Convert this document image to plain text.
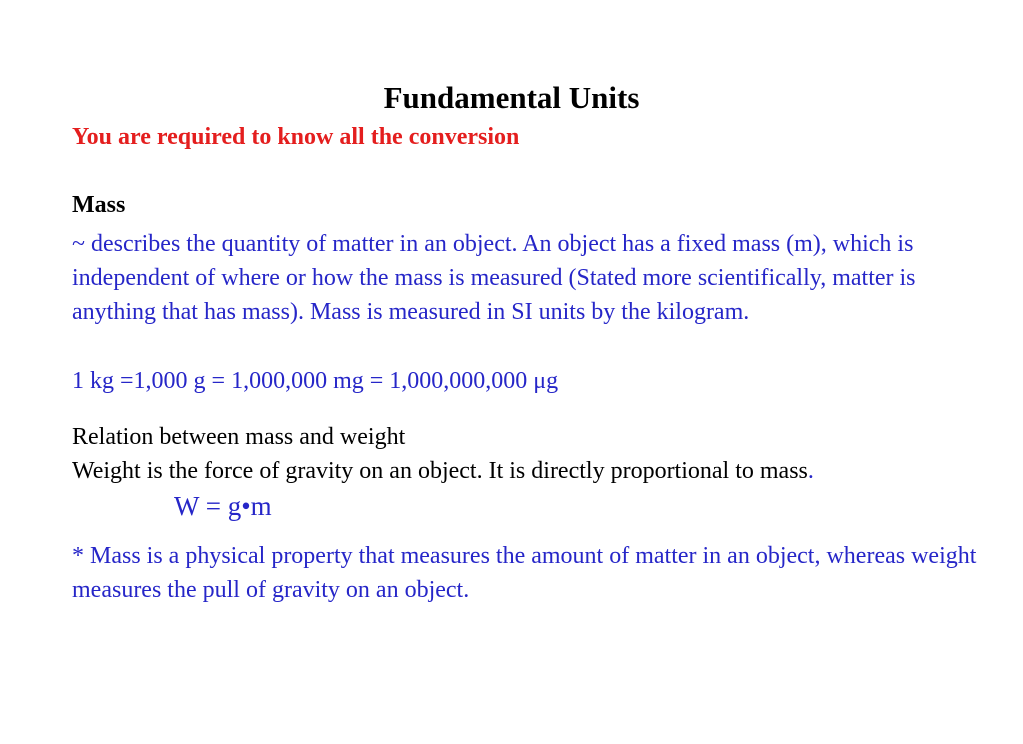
Fundamental Units

You are required to know all the conversion

Mass

~ describes the quantity of matter in an object. An object has a fixed mass (m), which is independent of where or how the mass is measured (Stated more scientifically, matter is anything that has mass). Mass is measured in SI units by the kilogram.

1 kg =1,000 g = 1,000,000 mg = 1,000,000,000 μg

Relation between mass and weight

Weight is the force of gravity on an object. It is directly proportional to mass.

W = g•m

* Mass is a physical property that measures the amount of matter in an object, whereas weight measures the pull of gravity on an object.
